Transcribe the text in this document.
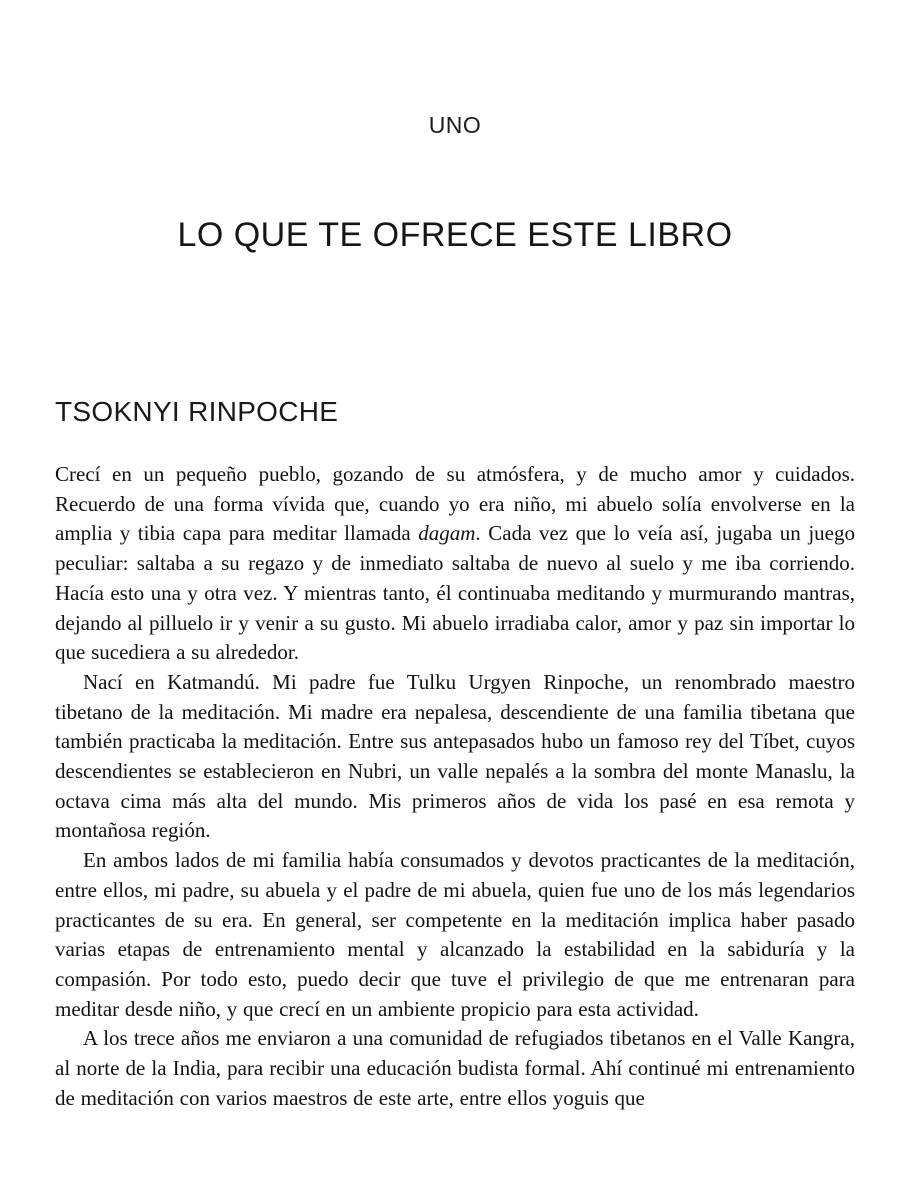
UNO
LO QUE TE OFRECE ESTE LIBRO
TSOKNYI RINPOCHE

Crecí en un pequeño pueblo, gozando de su atmósfera, y de mucho amor y cuidados. Recuerdo de una forma vívida que, cuando yo era niño, mi abuelo solía envolverse en la amplia y tibia capa para meditar llamada dagam. Cada vez que lo veía así, jugaba un juego peculiar: saltaba a su regazo y de inmediato saltaba de nuevo al suelo y me iba corriendo. Hacía esto una y otra vez. Y mientras tanto, él continuaba meditando y murmurando mantras, dejando al pilluelo ir y venir a su gusto. Mi abuelo irradiaba calor, amor y paz sin importar lo que sucediera a su alrededor.

Nací en Katmandú. Mi padre fue Tulku Urgyen Rinpoche, un renombrado maestro tibetano de la meditación. Mi madre era nepalesa, descendiente de una familia tibetana que también practicaba la meditación. Entre sus antepasados hubo un famoso rey del Tíbet, cuyos descendientes se establecieron en Nubri, un valle nepalés a la sombra del monte Manaslu, la octava cima más alta del mundo. Mis primeros años de vida los pasé en esa remota y montañosa región.

En ambos lados de mi familia había consumados y devotos practicantes de la meditación, entre ellos, mi padre, su abuela y el padre de mi abuela, quien fue uno de los más legendarios practicantes de su era. En general, ser competente en la meditación implica haber pasado varias etapas de entrenamiento mental y alcanzado la estabilidad en la sabiduría y la compasión. Por todo esto, puedo decir que tuve el privilegio de que me entrenaran para meditar desde niño, y que crecí en un ambiente propicio para esta actividad.

A los trece años me enviaron a una comunidad de refugiados tibetanos en el Valle Kangra, al norte de la India, para recibir una educación budista formal. Ahí continué mi entrenamiento de meditación con varios maestros de este arte, entre ellos yoguis que
